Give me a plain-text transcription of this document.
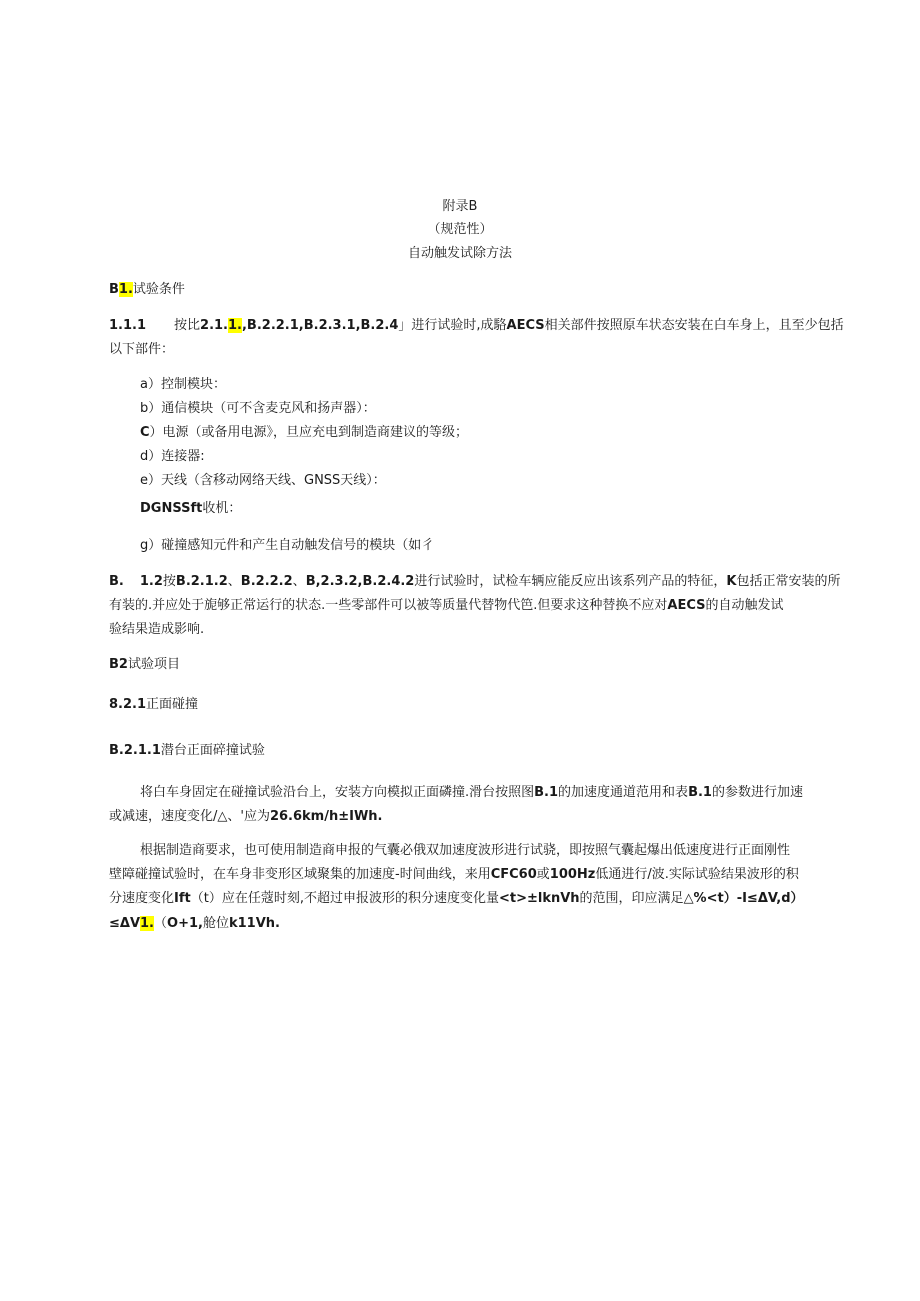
附录B
（规范性）
自动触发试除方法
B1.试验条件
1.1.1 按比2.1.1.,B.2.2.1,B.2.3.1,B.2.4」进行试验时,成駱AECS相关部件按照原车状态安装在白车身上，且至少包括
以下部件：
a）控制模块：
b）通信模块（可不含麦克风和扬声器）：
C）电源（或备用电源》，旦应充电到制造商建议的等级；
d）连接器:
e）天线（含移动网络天线、GNSS天线）：
DGNSSft收机：
g）碰撞感知元件和产生自动触发信号的模块（如彳
B. 1.2按B.2.1.2、B.2.2.2、B,2.3.2,B.2.4.2进行试验时，试检车辆应能反应出该系列产品的特征，K包括正常安装的所
有装的.并应处于旎够正常运行的状态.一些零部件可以被等质量代替物代笆.但要求这种替换不应对AECS的自动触发试
验结果造成影响.
B2试验项目
8.2.1正面碰撞
B.2.1.1潜台正面碎撞试验
将白车身固定在碰撞试验沿台上，安装方向模拟正面磷撞.滑台按照图B.1的加速度通道范用和表B.1的参数进行加速
或减速，速度变化/△、'应为26.6km/h±IWh.
根据制造商要求，也可使用制造商申报的气囊必俄双加速度波形进行试骁，即按照气囊起爆出低速度进行正面刚性
壁障碰撞试验时，在车身非变形区域聚集的加速度-时间曲线，来用CFC60或100Hz低通进行/波.实际试验结果波形的积
分速度变化Ift（t）应在任蔻时刻,不超过申报波形的积分速度变化量<t>±lknVh的范围，印应满足△%<t）-I≤ΔV,d）
≤ΔV1.（O+1,舱位k11Vh.
